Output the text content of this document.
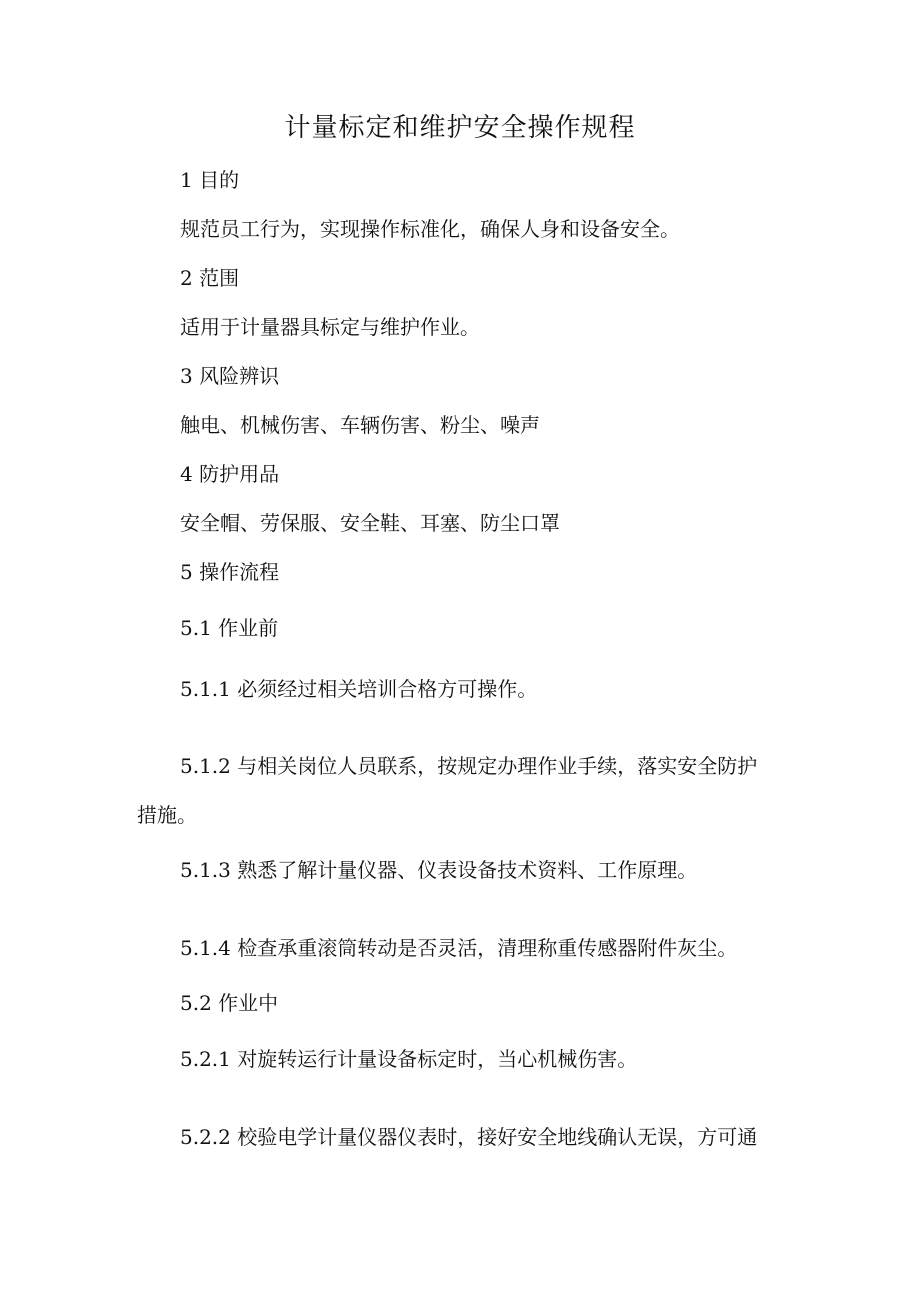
计量标定和维护安全操作规程
1 目的
规范员工行为，实现操作标准化，确保人身和设备安全。
2 范围
适用于计量器具标定与维护作业。
3 风险辨识
触电、机械伤害、车辆伤害、粉尘、噪声
4 防护用品
安全帽、劳保服、安全鞋、耳塞、防尘口罩
5 操作流程
5.1 作业前
5.1.1 必须经过相关培训合格方可操作。
5.1.2 与相关岗位人员联系，按规定办理作业手续，落实安全防护
措施。
5.1.3 熟悉了解计量仪器、仪表设备技术资料、工作原理。
5.1.4 检查承重滚筒转动是否灵活，清理称重传感器附件灰尘。
5.2 作业中
5.2.1 对旋转运行计量设备标定时，当心机械伤害。
5.2.2 校验电学计量仪器仪表时，接好安全地线确认无误，方可通
